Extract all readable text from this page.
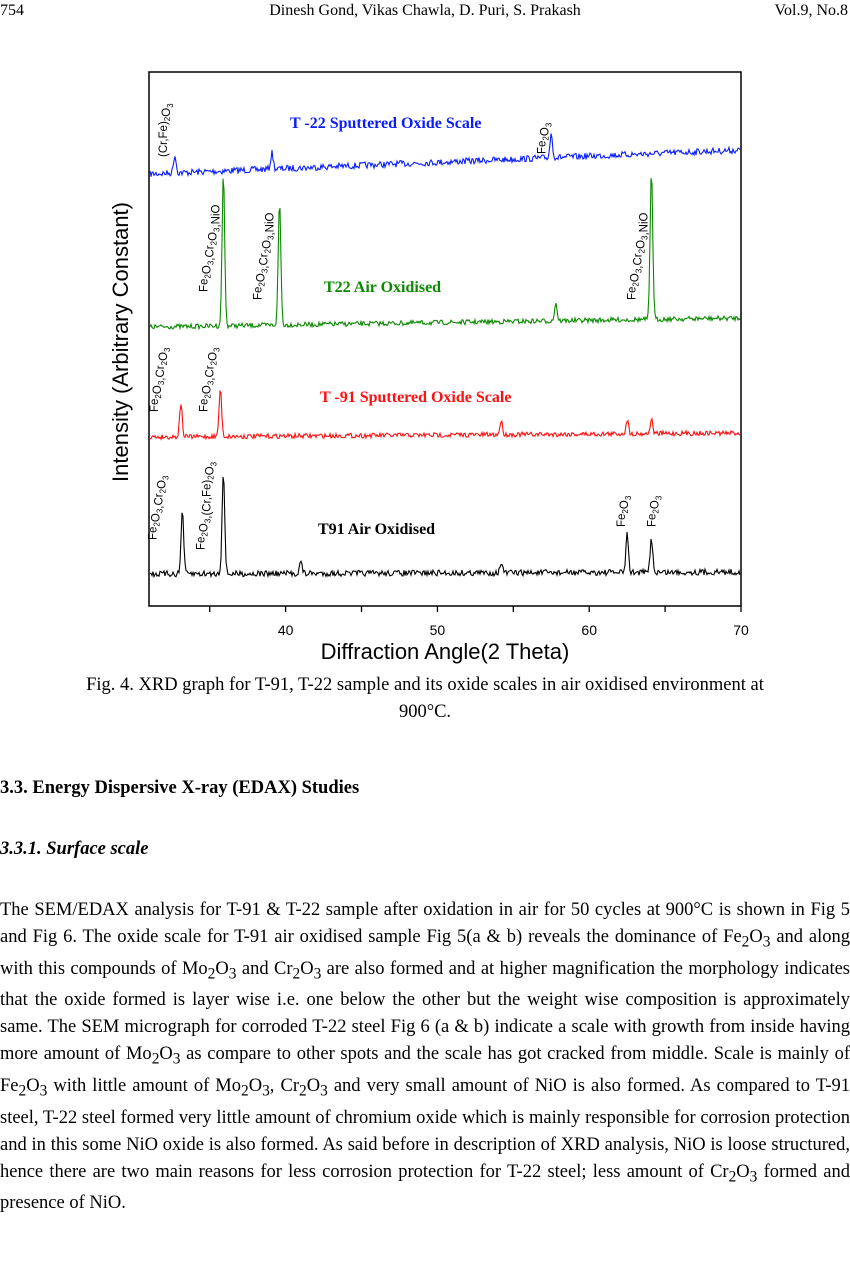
754	Dinesh Gond, Vikas Chawla, D. Puri, S. Prakash	Vol.9, No.8
T -22 Sputtered Oxide Scale
T22 Air Oxidised
T -91 Sputtered Oxide Scale
T91 Air Oxidised
$(Cr,Fe)_2O_3$
$Fe_2O_3$
$Fe_2O_3,Cr_2O_3,NiO$
$Fe_2O_3,Cr_2O_3,NiO$
$Fe_2O_3,Cr_2O_3,NiO$
$Fe_2O_3,Cr_2O_3$
$Fe_2O_3,Cr_2O_3$
$Fe_2O_3,Cr_2O_3$
$Fe_2O_3,(Cr,Fe)_2O_3$
$Fe_2O_3$
$Fe_2O_3$
40	50	60	70
Diffraction Angle(2 Theta)
Intensity (Arbitrary Constant)
Fig. 4. XRD graph for T-91, T-22 sample and its oxide scales in air oxidised environment at
900°C.
3.3. Energy Dispersive X-ray (EDAX) Studies
3.3.1. Surface scale

The SEM/EDAX analysis for T-91 & T-22 sample after oxidation in air for 50 cycles at 900°C is shown in Fig 5 and Fig 6. The oxide scale for T-91 air oxidised sample Fig 5(a & b) reveals the dominance of $Fe_2O_3$ and along with this compounds of $Mo_2O_3$ and $Cr_2O_3$ are also formed and at higher magnification the morphology indicates that the oxide formed is layer wise i.e. one below the other but the weight wise composition is approximately same. The SEM micrograph for corroded T-22 steel Fig 6 (a & b) indicate a scale with growth from inside having more amount of $Mo_2O_3$ as compare to other spots and the scale has got cracked from middle. Scale is mainly of $Fe_2O_3$ with little amount of $Mo_2O_3$, $Cr_2O_3$ and very small amount of NiO is also formed. As compared to T-91 steel, T-22 steel formed very little amount of chromium oxide which is mainly responsible for corrosion protection and in this some NiO oxide is also formed. As said before in description of XRD analysis, NiO is loose structured, hence there are two main reasons for less corrosion protection for T-22 steel; less amount of $Cr_2O_3$ formed and presence of NiO.
